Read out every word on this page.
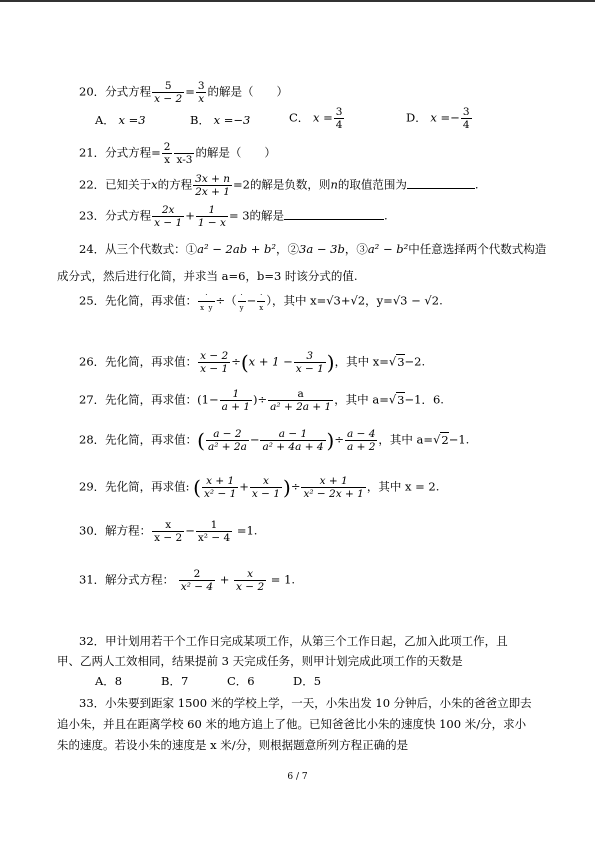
20．分式方程 $\frac{5}{x - 2} = \frac{3}{x}$ 的解是（　　）
A． x =3	B． x =−3	C． $x = \frac{3}{4}$	D． $x =- \frac{3}{4}$
21．分式方程= $\frac{2}{x}$
x-3
的解是（　　）
22．已知关于x的方程 $\frac{3x + n}{2x + 1} =2$的解是负数，则n的取值范围为	.
23．分式方程 $\frac{2x}{x - 1} + \frac{1}{1 - x} = 3$的解是	.
24．从三个代数式：①a² − 2ab + b²，②3a − 3b，③a² − b²中任意选择两个代数式构造
成分式，然后进行化简，并求当 a=6，b=3 时该分式的值.
25．先化简，再求值： $\frac{\cdot}{\text{x  y}}$ ÷（ $\frac{\cdot}{y} - \frac{\cdot}{x}$ ），其中 x=√3+√2，y=√3 − √2.
26．先化简，再求值： $\frac{x - 2}{x - 1} \div(x + 1 - \frac{3}{x - 1}$ )，其中 x=√3−2.
27．先化简，再求值：($1- \frac{1}{a + 1}$ )÷ $\frac{a}{\text{a² + 2a + 1}}$ ，其中 a=√3−1．6.
28．先化简，再求值：( $\frac{a - 2}{\text{a² + 2a}} - \frac{a - 1}{\text{a² + 4a + 4}}$ )÷ $\frac{a - 4}{a + 2}$ ，其中 a=√2−1.
29．先化简，再求值: ( $\frac{x + 1}{\text{x² − 1}} + \frac{x}{x - 1}$ )÷ $\frac{x + 1}{\text{x² − 2x + 1}}$ ，其中 x = 2.
30．解方程： $\frac{x}{x - 2} - \frac{1}{\text{x² − 4}} =1$.
31．解分式方程： $\frac{2}{\text{x² − 4}} + \frac{x}{x - 2} = 1$.
32．甲计划用若干个工作日完成某项工作，从第三个工作日起，乙加入此项工作，且
甲、乙两人工效相同，结果提前 3 天完成任务，则甲计划完成此项工作的天数是
A．8	B．7	C．6	D．5
33．小朱要到距家 1500 米的学校上学，一天，小朱出发 10 分钟后，小朱的爸爸立即去
追小朱，并且在距离学校 60 米的地方追上了他。已知爸爸比小朱的速度快 100 米/分，求小
朱的速度。若设小朱的速度是 x 米/分，则根据题意所列方程正确的是
6 / 7
